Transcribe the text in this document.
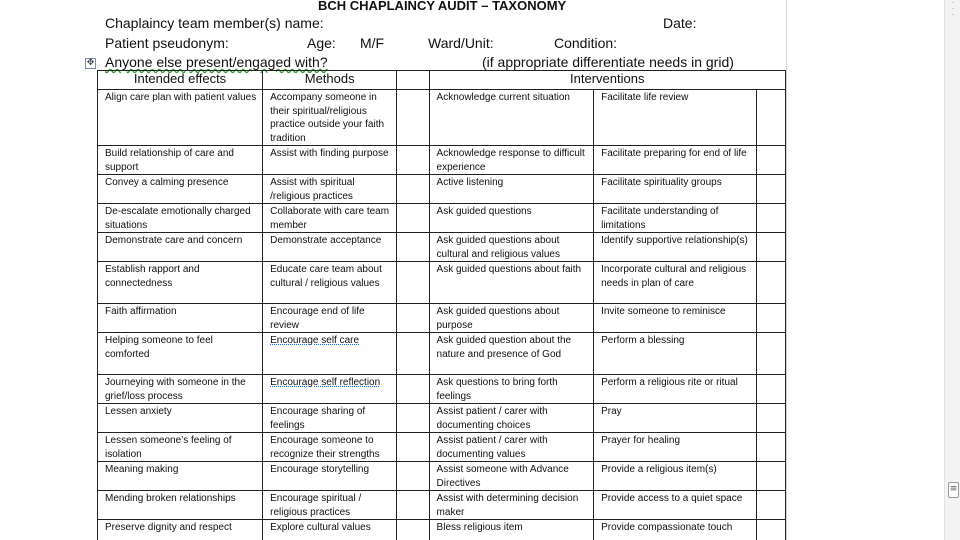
BCH CHAPLAINCY AUDIT – TAXONOMY
Chaplaincy team member(s) name:	Date:
Patient pseudonym:	Age: M/F	Ward/Unit:	Condition:
✥ Anyone else present/engaged with?	(if appropriate differentiate needs in grid)
Intended effects	Methods		Interventions		
Align care plan with patient values	Accompany someone in their spiritual/religious practice outside your faith tradition		Acknowledge current situation	Facilitate life review	
Build relationship of care and support	Assist with finding purpose		Acknowledge response to difficult experience	Facilitate preparing for end of life	
Convey a calming presence	Assist with spiritual /religious practices		Active listening	Facilitate spirituality groups	
De-escalate emotionally charged situations	Collaborate with care team member		Ask guided questions	Facilitate understanding of limitations	
Demonstrate care and concern	Demonstrate acceptance		Ask guided questions about cultural and religious values	Identify supportive relationship(s)	
Establish rapport and connectedness	Educate care team about cultural / religious values		Ask guided questions about faith	Incorporate cultural and religious needs in plan of care	
Faith affirmation	Encourage end of life review		Ask guided questions about purpose	Invite someone to reminisce	
Helping someone to feel comforted	Encourage self care		Ask guided question about the nature and presence of God	Perform a blessing	
Journeying with someone in the grief/loss process	Encourage self reflection		Ask questions to bring forth feelings	Perform a religious rite or ritual	
Lessen anxiety	Encourage sharing of feelings		Assist patient / carer with documenting choices	Pray	
Lessen someone’s feeling of isolation	Encourage someone to recognize their strengths		Assist patient / carer with documenting values	Prayer for healing	
Meaning making	Encourage storytelling		Assist someone with Advance Directives	Provide a religious item(s)	
Mending broken relationships	Encourage spiritual / religious practices		Assist with determining decision maker	Provide access to a quiet space	
Preserve dignity and respect	Explore cultural values		Bless religious item	Provide compassionate touch	
·
·
·
≡
